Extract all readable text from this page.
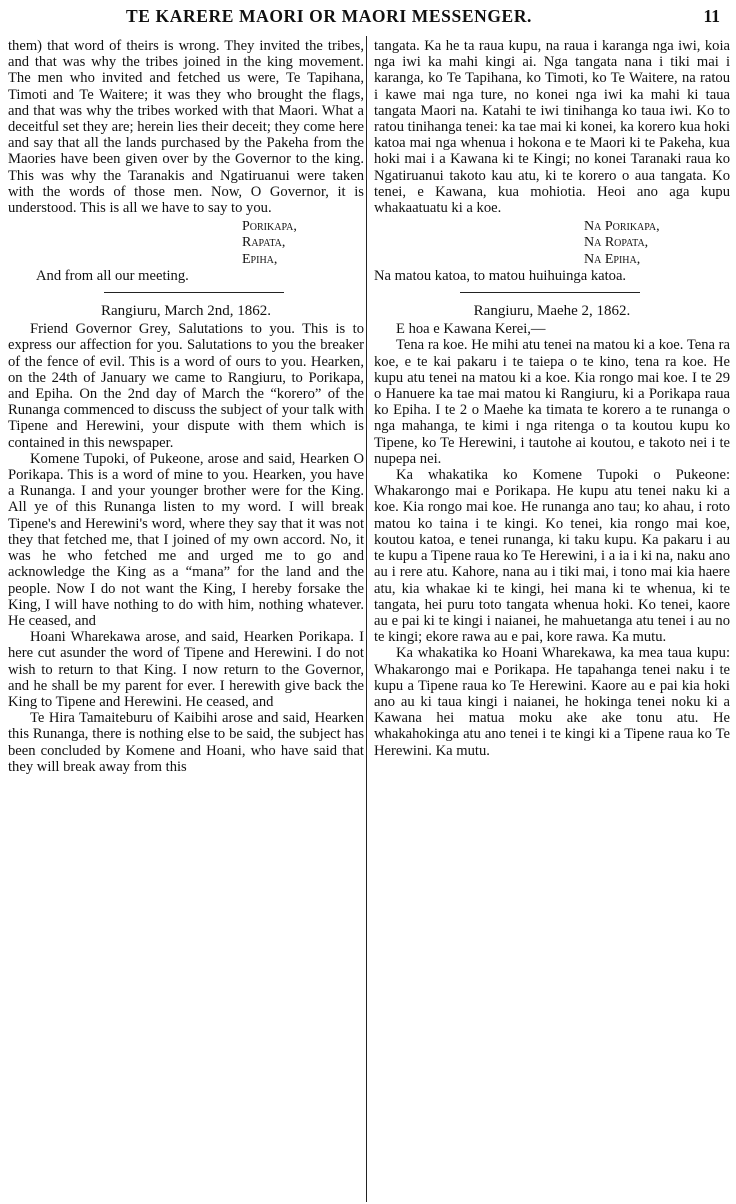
TE KARERE MAORI OR MAORI MESSENGER.	11

them) that word of theirs is wrong. They invited the tribes, and that was why the tribes joined in the king movement. The men who invited and fetched us were, Te Tapihana, Timoti and Te Waitere; it was they who brought the flags, and that was why the tribes worked with that Maori. What a deceitful set they are; herein lies their deceit; they come here and say that all the lands purchased by the Pakeha from the Maories have been given over by the Governor to the king. This was why the Taranakis and Ngatiruanui were taken with the words of those men. Now, O Governor, it is understood. This is all we have to say to you.

Porikapa,

Rapata,

Epiha,

And from all our meeting.

Rangiuru, March 2nd, 1862.

Friend Governor Grey, Salutations to you. This is to express our affection for you. Salutations to you the breaker of the fence of evil. This is a word of ours to you. Hearken, on the 24th of January we came to Rangiuru, to Porikapa, and Epiha. On the 2nd day of March the “korero” of the Runanga commenced to discuss the subject of your talk with Tipene and Herewini, your dispute with them which is contained in this newspaper.

Komene Tupoki, of Pukeone, arose and said, Hearken O Porikapa. This is a word of mine to you. Hearken, you have a Runanga. I and your younger brother were for the King. All ye of this Runanga listen to my word. I will break Tipene's and Herewini's word, where they say that it was not they that fetched me, that I joined of my own accord. No, it was he who fetched me and urged me to go and acknowledge the King as a “mana” for the land and the people. Now I do not want the King, I hereby forsake the King, I will have nothing to do with him, nothing whatever. He ceased, and

Hoani Wharekawa arose, and said, Hearken Porikapa. I here cut asunder the word of Tipene and Herewini. I do not wish to return to that King. I now return to the Governor, and he shall be my parent for ever. I herewith give back the King to Tipene and Herewini. He ceased, and

Te Hira Tamaiteburu of Kaibihi arose and said, Hearken this Runanga, there is nothing else to be said, the subject has been concluded by Komene and Hoani, who have said that they will break away from this

tangata. Ka he ta raua kupu, na raua i karanga nga iwi, koia nga iwi ka mahi kingi ai. Nga tangata nana i tiki mai i karanga, ko Te Tapihana, ko Timoti, ko Te Waitere, na ratou i kawe mai nga ture, no konei nga iwi ka mahi ki taua tangata Maori na. Katahi te iwi tinihanga ko taua iwi. Ko to ratou tinihanga tenei: ka tae mai ki konei, ka korero kua hoki katoa mai nga whenua i hokona e te Maori ki te Pakeha, kua hoki mai i a Kawana ki te Kingi; no konei Taranaki raua ko Ngatiruanui takoto kau atu, ki te korero o aua tangata. Ko tenei, e Kawana, kua mohiotia. Heoi ano aga kupu whakaatuatu ki a koe.

Na Porikapa,

Na Ropata,

Na Epiha,

Na matou katoa, to matou huihuinga katoa.

Rangiuru, Maehe 2, 1862.

E hoa e Kawana Kerei,—

Tena ra koe. He mihi atu tenei na matou ki a koe. Tena ra koe, e te kai pakaru i te taiepa o te kino, tena ra koe. He kupu atu tenei na matou ki a koe. Kia rongo mai koe. I te 29 o Hanuere ka tae mai matou ki Rangiuru, ki a Porikapa raua ko Epiha. I te 2 o Maehe ka timata te korero a te runanga o nga mahanga, te kimi i nga ritenga o ta koutou kupu ko Tipene, ko Te Herewini, i tautohe ai koutou, e takoto nei i te nupepa nei.

Ka whakatika ko Komene Tupoki o Pukeone: Whakarongo mai e Porikapa. He kupu atu tenei naku ki a koe. Kia rongo mai koe. He runanga ano tau; ko ahau, i roto matou ko taina i te kingi. Ko tenei, kia rongo mai koe, koutou katoa, e tenei runanga, ki taku kupu. Ka pakaru i au te kupu a Tipene raua ko Te Herewini, i a ia i ki na, naku ano au i rere atu. Kahore, nana au i tiki mai, i tono mai kia haere atu, kia whakae ki te kingi, hei mana ki te whenua, ki te tangata, hei puru toto tangata whenua hoki. Ko tenei, kaore au e pai ki te kingi i naianei, he mahuetanga atu tenei i au no te kingi; ekore rawa au e pai, kore rawa. Ka mutu.

Ka whakatika ko Hoani Wharekawa, ka mea taua kupu: Whakarongo mai e Porikapa. He tapahanga tenei naku i te kupu a Tipene raua ko Te Herewini. Kaore au e pai kia hoki ano au ki taua kingi i naianei, he hokinga tenei noku ki a Kawana hei matua moku ake ake tonu atu. He whakahokinga atu ano tenei i te kingi ki a Tipene raua ko Te Herewini. Ka mutu.
